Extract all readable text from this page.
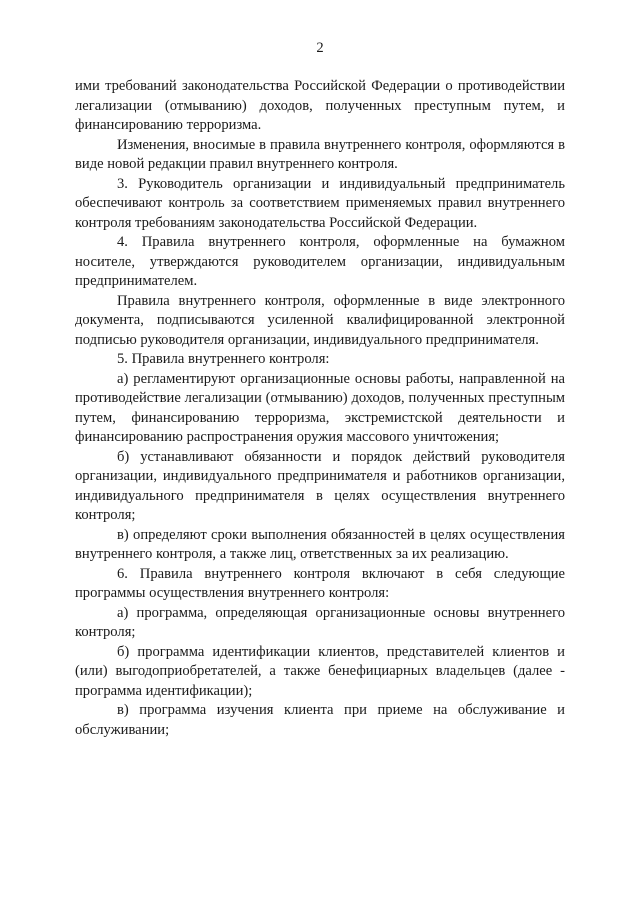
2

ими требований законодательства Российской Федерации о противодействии легализации (отмыванию) доходов, полученных преступным путем, и финансированию терроризма.

Изменения, вносимые в правила внутреннего контроля, оформляются в виде новой редакции правил внутреннего контроля.

3. Руководитель организации и индивидуальный предприниматель обеспечивают контроль за соответствием применяемых правил внутреннего контроля требованиям законодательства Российской Федерации.

4. Правила внутреннего контроля, оформленные на бумажном носителе, утверждаются руководителем организации, индивидуальным предпринимателем.

Правила внутреннего контроля, оформленные в виде электронного документа, подписываются усиленной квалифицированной электронной подписью руководителя организации, индивидуального предпринимателя.

5. Правила внутреннего контроля:

а) регламентируют организационные основы работы, направленной на противодействие легализации (отмыванию) доходов, полученных преступным путем, финансированию терроризма, экстремистской деятельности и финансированию распространения оружия массового уничтожения;

б) устанавливают обязанности и порядок действий руководителя организации, индивидуального предпринимателя и работников организации, индивидуального предпринимателя в целях осуществления внутреннего контроля;

в) определяют сроки выполнения обязанностей в целях осуществления внутреннего контроля, а также лиц, ответственных за их реализацию.

6. Правила внутреннего контроля включают в себя следующие программы осуществления внутреннего контроля:

а) программа, определяющая организационные основы внутреннего контроля;

б) программа идентификации клиентов, представителей клиентов и (или) выгодоприобретателей, а также бенефициарных владельцев (далее - программа идентификации);

в) программа изучения клиента при приеме на обслуживание и обслуживании;
